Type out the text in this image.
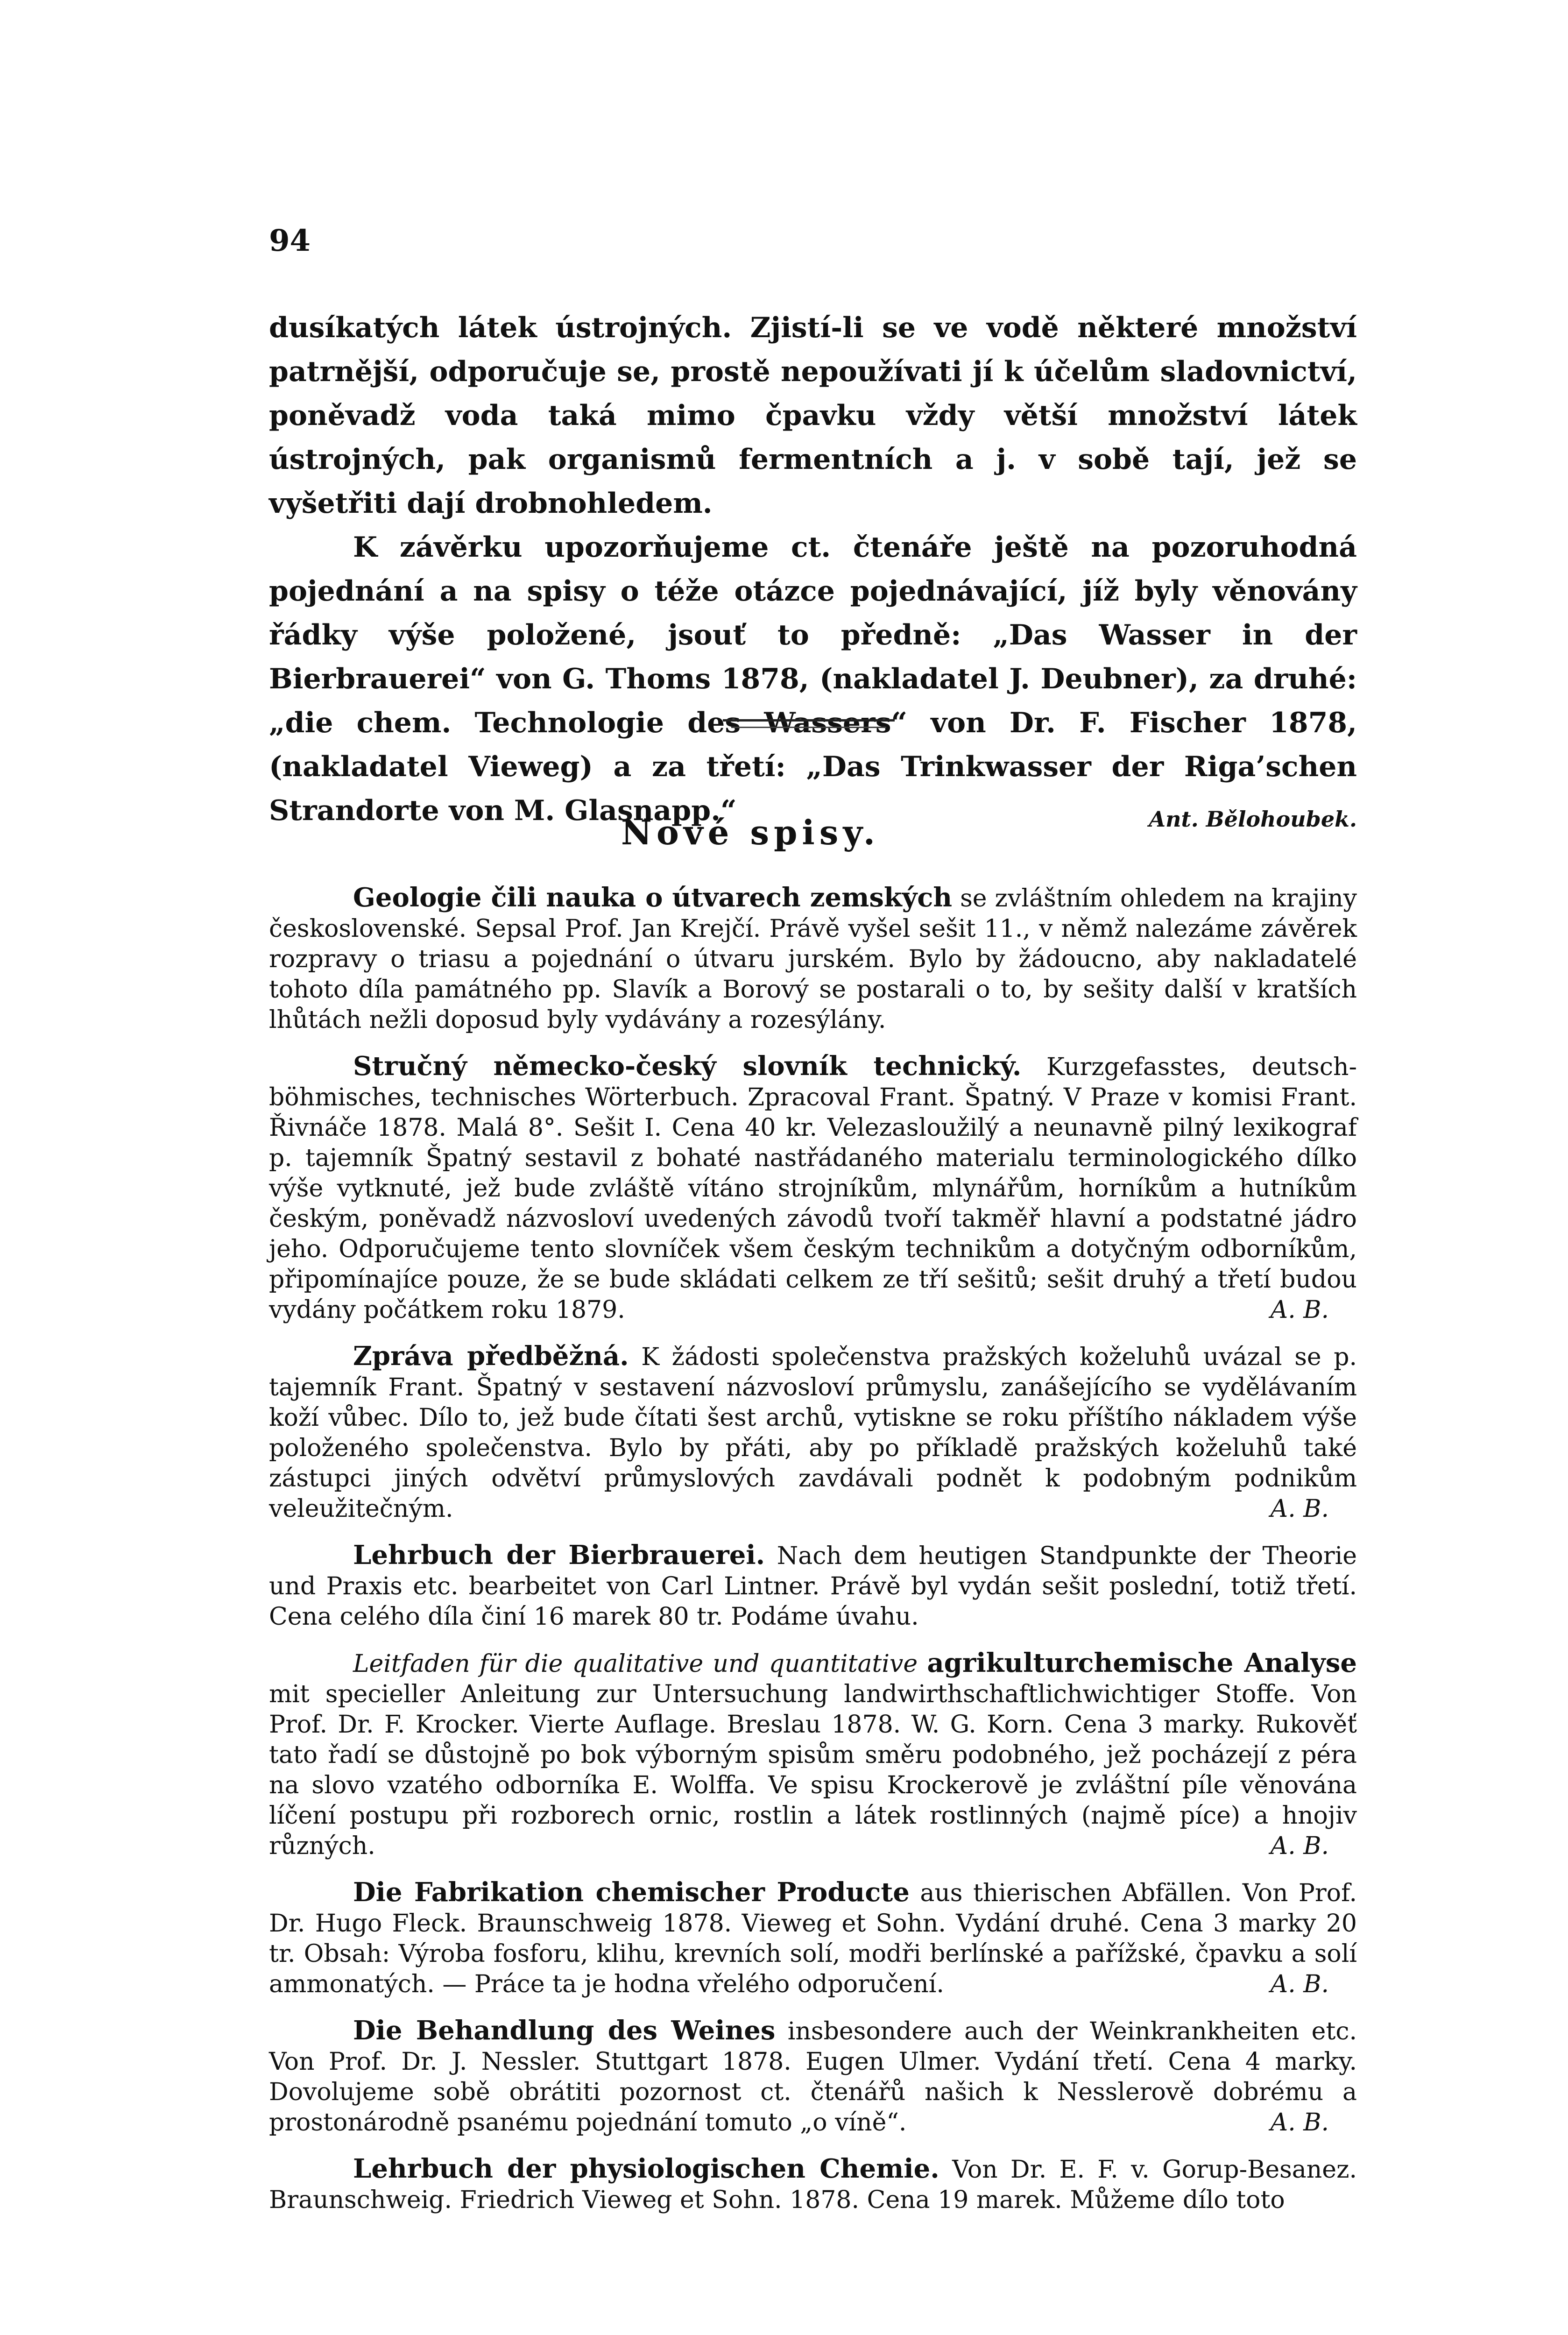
94

dusíkatých látek ústrojných. Zjistí-li se ve vodě některé množství patrnější, odporučuje se, prostě nepoužívati jí k účelům sladovnictví, poněvadž voda taká mimo čpavku vždy větší množství látek ústrojných, pak organismů fermentních a j. v sobě tají, jež se vyšetřiti dají drobnohledem.

K závěrku upozorňujeme ct. čtenáře ještě na pozoruhodná pojednání a na spisy o téže otázce pojednávající, jíž byly věnovány řádky výše položené, jsouť to předně: „Das Wasser in der Bierbrauerei“ von G. Thoms 1878, (nakladatel J. Deubner), za druhé: „die chem. Technologie des Wassers“ von Dr. F. Fischer 1878, (nakladatel Vieweg) a za třetí: „Das Trinkwasser der Riga’schen Strandorte von M. Glasnapp.“	Ant. Bělohoubek.

Nové spisy.

Geologie čili nauka o útvarech zemských se zvláštním ohledem na krajiny československé. Sepsal Prof. Jan Krejčí. Právě vyšel sešit 11., v němž nalezáme závěrek rozpravy o triasu a pojednání o útvaru jurském. Bylo by žádoucno, aby nakladatelé tohoto díla památného pp. Slavík a Borový se postarali o to, by sešity další v kratších lhůtách nežli doposud byly vydávány a rozesýlány.

Stručný německo-český slovník technický. Kurzgefasstes, deutsch-böhmisches, technisches Wörterbuch. Zpracoval Frant. Špatný. V Praze v komisi Frant. Řivnáče 1878. Malá 8°. Sešit I. Cena 40 kr. Velezasloužilý a neunavně pilný lexikograf p. tajemník Špatný sestavil z bohaté nastřádaného materialu terminologického dílko výše vytknuté, jež bude zvláště vítáno strojníkům, mlynářům, horníkům a hutníkům českým, poněvadž názvosloví uvedených závodů tvoří takměř hlavní a podstatné jádro jeho. Odporučujeme tento slovníček všem českým technikům a dotyčným odborníkům, připomínajíce pouze, že se bude skládati celkem ze tří sešitů; sešit druhý a třetí budou vydány počátkem roku 1879.	A. B.

Zpráva předběžná. K žádosti společenstva pražských koželuhů uvázal se p. tajemník Frant. Špatný v sestavení názvosloví průmyslu, zanášejícího se vydělávaním koží vůbec. Dílo to, jež bude čítati šest archů, vytiskne se roku příštího nákladem výše položeného společenstva. Bylo by přáti, aby po příkladě pražských koželuhů také zástupci jiných odvětví průmyslových zavdávali podnět k podobným podnikům veleužitečným.	A. B.

Lehrbuch der Bierbrauerei. Nach dem heutigen Standpunkte der Theorie und Praxis etc. bearbeitet von Carl Lintner. Právě byl vydán sešit poslední, totiž třetí. Cena celého díla činí 16 marek 80 tr. Podáme úvahu.

Leitfaden für die qualitative und quantitative agrikulturchemische Analyse mit specieller Anleitung zur Untersuchung landwirthschaftlichwichtiger Stoffe. Von Prof. Dr. F. Krocker. Vierte Auflage. Breslau 1878. W. G. Korn. Cena 3 marky. Rukověť tato řadí se důstojně po bok výborným spisům směru podobného, jež pocházejí z péra na slovo vzatého odborníka E. Wolffa. Ve spisu Krockerově je zvláštní píle věnována líčení postupu při rozborech ornic, rostlin a látek rostlinných (najmě píce) a hnojiv různých.	A. B.

Die Fabrikation chemischer Producte aus thierischen Abfällen. Von Prof. Dr. Hugo Fleck. Braunschweig 1878. Vieweg et Sohn. Vydání druhé. Cena 3 marky 20 tr. Obsah: Výroba fosforu, klihu, krevních solí, modři berlínské a pařížské, čpavku a solí ammonatých. — Práce ta je hodna vřelého odporučení.	A. B.

Die Behandlung des Weines insbesondere auch der Weinkrankheiten etc. Von Prof. Dr. J. Nessler. Stuttgart 1878. Eugen Ulmer. Vydání třetí. Cena 4 marky. Dovolujeme sobě obrátiti pozornost ct. čtenářů našich k Nesslerově dobrému a prostonárodně psanému pojednání tomuto „o víně“.	A. B.

Lehrbuch der physiologischen Chemie. Von Dr. E. F. v. Gorup-Besanez. Braunschweig. Friedrich Vieweg et Sohn. 1878. Cena 19 marek. Můžeme dílo toto
